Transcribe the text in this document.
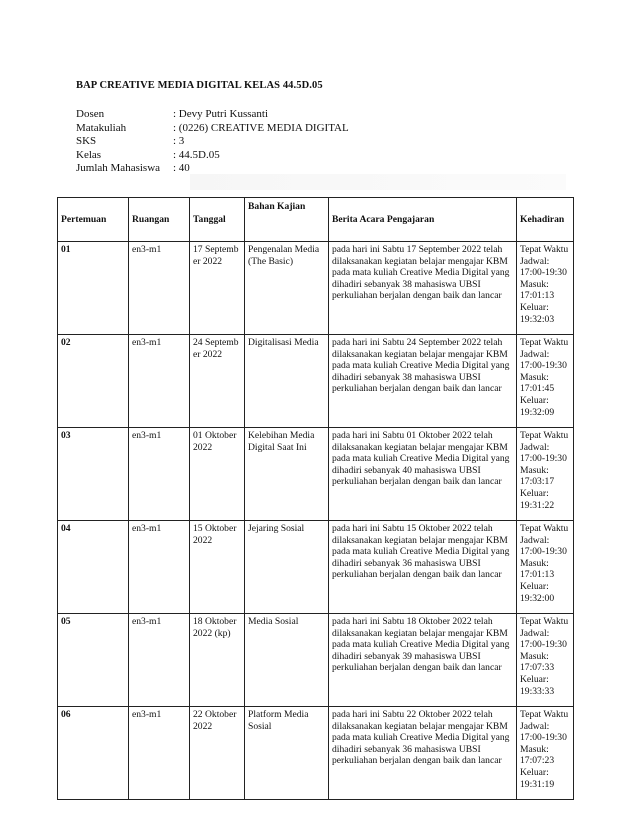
BAP CREATIVE MEDIA DIGITAL KELAS 44.5D.05
Dosen	: Devy Putri Kussanti
Matakuliah	: (0226) CREATIVE MEDIA DIGITAL
SKS	: 3
Kelas	: 44.5D.05
Jumlah Mahasiswa	: 40
Pertemuan	Ruangan	Tanggal	Bahan Kajian	Berita Acara Pengajaran	Kehadiran
01	en3-m1	17 Septemb er 2022	Pengenalan Media (The Basic)	pada hari ini Sabtu 17 September 2022 telah dilaksanakan kegiatan belajar mengajar KBM pada mata kuliah Creative Media Digital yang dihadiri sebanyak 38 mahasiswa UBSI perkuliahan berjalan dengan baik dan lancar	Tepat Waktu Jadwal: 17:00-19:30 Masuk: 17:01:13 Keluar: 19:32:03
02	en3-m1	24 Septemb er 2022	Digitalisasi Media	pada hari ini Sabtu 24 September 2022 telah dilaksanakan kegiatan belajar mengajar KBM pada mata kuliah Creative Media Digital yang dihadiri sebanyak 38 mahasiswa UBSI perkuliahan berjalan dengan baik dan lancar	Tepat Waktu Jadwal: 17:00-19:30 Masuk: 17:01:45 Keluar: 19:32:09
03	en3-m1	01 Oktober 2022	Kelebihan Media Digital Saat Ini	pada hari ini Sabtu 01 Oktober 2022 telah dilaksanakan kegiatan belajar mengajar KBM pada mata kuliah Creative Media Digital yang dihadiri sebanyak 40 mahasiswa UBSI perkuliahan berjalan dengan baik dan lancar	Tepat Waktu Jadwal: 17:00-19:30 Masuk: 17:03:17 Keluar: 19:31:22
04	en3-m1	15 Oktober 2022	Jejaring Sosial	pada hari ini Sabtu 15 Oktober 2022 telah dilaksanakan kegiatan belajar mengajar KBM pada mata kuliah Creative Media Digital yang dihadiri sebanyak 36 mahasiswa UBSI perkuliahan berjalan dengan baik dan lancar	Tepat Waktu Jadwal: 17:00-19:30 Masuk: 17:01:13 Keluar: 19:32:00
05	en3-m1	18 Oktober 2022 (kp)	Media Sosial	pada hari ini Sabtu 18 Oktober 2022 telah dilaksanakan kegiatan belajar mengajar KBM pada mata kuliah Creative Media Digital yang dihadiri sebanyak 39 mahasiswa UBSI perkuliahan berjalan dengan baik dan lancar	Tepat Waktu Jadwal: 17:00-19:30 Masuk: 17:07:33 Keluar: 19:33:33
06	en3-m1	22 Oktober 2022	Platform Media Sosial	pada hari ini Sabtu 22 Oktober 2022 telah dilaksanakan kegiatan belajar mengajar KBM pada mata kuliah Creative Media Digital yang dihadiri sebanyak 36 mahasiswa UBSI perkuliahan berjalan dengan baik dan lancar	Tepat Waktu Jadwal: 17:00-19:30 Masuk: 17:07:23 Keluar: 19:31:19
